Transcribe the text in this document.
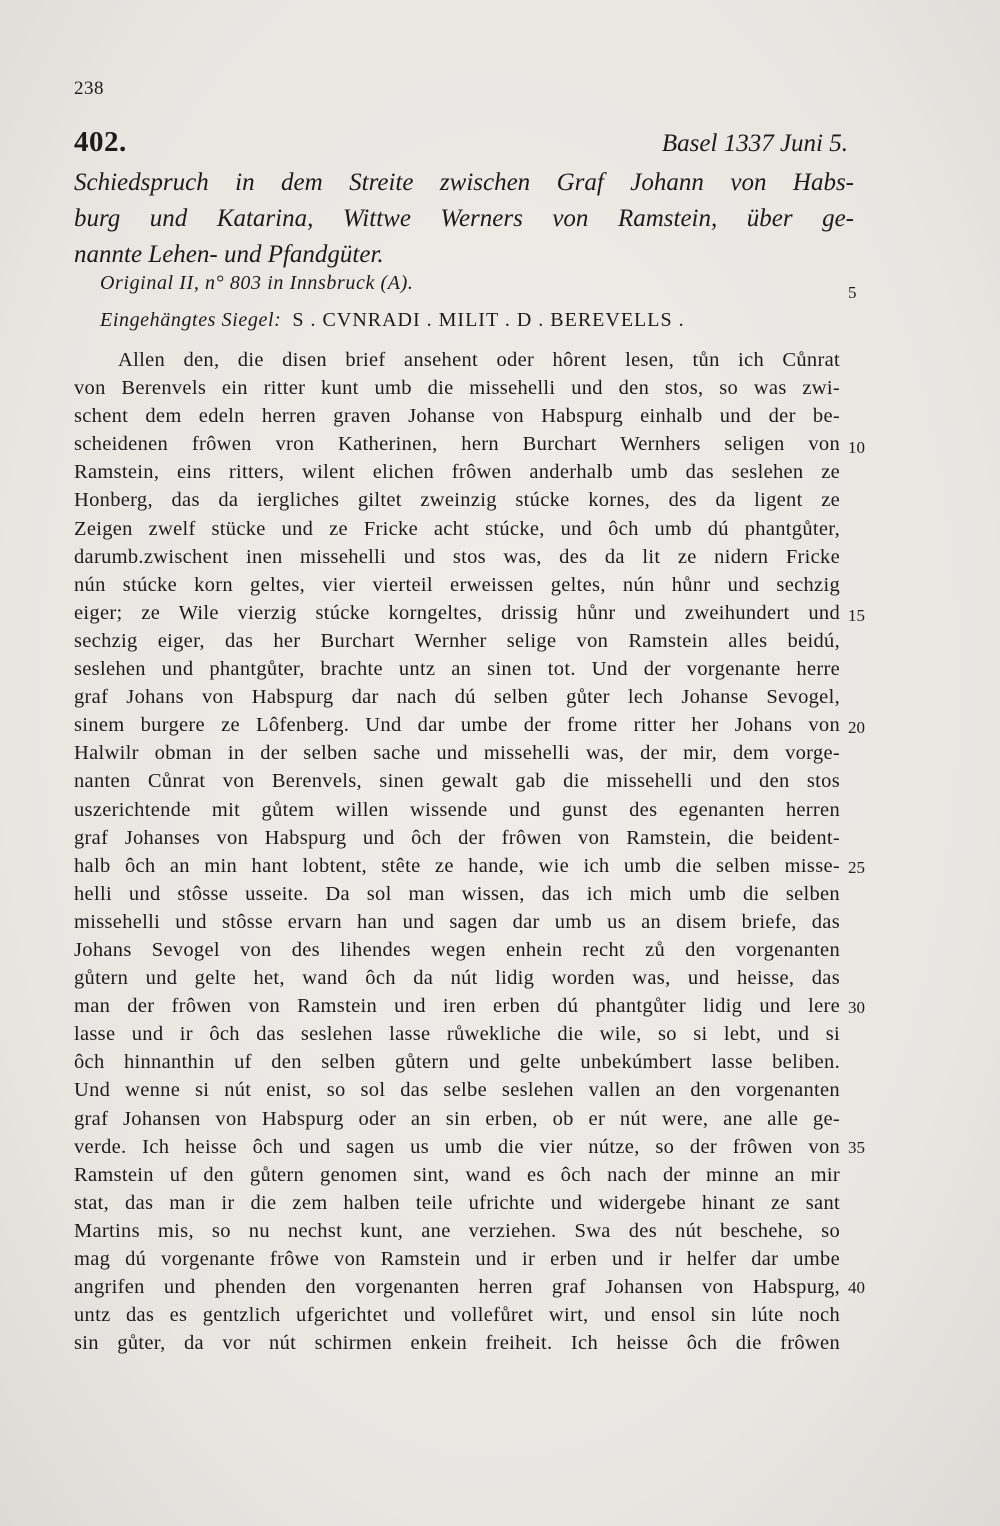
238
402.	Basel 1337 Juni 5.
Schiedspruch in dem Streite zwischen Graf Johann von Habs-
burg und Katarina, Wittwe Werners von Ramstein, über ge-
nannte Lehen- und Pfandgüter.
Original II, n° 803 in Innsbruck (A).
Eingehängtes Siegel: S . CVNRADI . MILIT . D . BEREVELLS .
5
Allen den, die disen brief ansehent oder hôrent lesen, tůn ich Cůnrat
von Berenvels ein ritter kunt umb die missehelli und den stos, so was zwi-
schent dem edeln herren graven Johanse von Habspurg einhalb und der be-
scheidenen frôwen vron Katherinen, hern Burchart Wernhers seligen von
Ramstein, eins ritters, wilent elichen frôwen anderhalb umb das seslehen ze
Honberg, das da iergliches giltet zweinzig stúcke kornes, des da ligent ze
Zeigen zwelf stücke und ze Fricke acht stúcke, und ôch umb dú phantgůter,
darumb.zwischent inen missehelli und stos was, des da lit ze nidern Fricke
nún stúcke korn geltes, vier vierteil erweissen geltes, nún hůnr und sechzig
eiger; ze Wile vierzig stúcke korngeltes, drissig hůnr und zweihundert und
sechzig eiger, das her Burchart Wernher selige von Ramstein alles beidú,
seslehen und phantgůter, brachte untz an sinen tot. Und der vorgenante herre
graf Johans von Habspurg dar nach dú selben gůter lech Johanse Sevogel,
sinem burgere ze Lôfenberg. Und dar umbe der frome ritter her Johans von
Halwilr obman in der selben sache und missehelli was, der mir, dem vorge-
nanten Cůnrat von Berenvels, sinen gewalt gab die missehelli und den stos
uszerichtende mit gůtem willen wissende und gunst des egenanten herren
graf Johanses von Habspurg und ôch der frôwen von Ramstein, die beident-
halb ôch an min hant lobtent, stête ze hande, wie ich umb die selben misse-
helli und stôsse usseite. Da sol man wissen, das ich mich umb die selben
missehelli und stôsse ervarn han und sagen dar umb us an disem briefe, das
Johans Sevogel von des lihendes wegen enhein recht zů den vorgenanten
gůtern und gelte het, wand ôch da nút lidig worden was, und heisse, das
man der frôwen von Ramstein und iren erben dú phantgůter lidig und lere
lasse und ir ôch das seslehen lasse růwekliche die wile, so si lebt, und si
ôch hinnanthin uf den selben gůtern und gelte unbekúmbert lasse beliben.
Und wenne si nút enist, so sol das selbe seslehen vallen an den vorgenanten
graf Johansen von Habspurg oder an sin erben, ob er nút were, ane alle ge-
verde. Ich heisse ôch und sagen us umb die vier nútze, so der frôwen von
Ramstein uf den gůtern genomen sint, wand es ôch nach der minne an mir
stat, das man ir die zem halben teile ufrichte und widergebe hinant ze sant
Martins mis, so nu nechst kunt, ane verziehen. Swa des nút beschehe, so
mag dú vorgenante frôwe von Ramstein und ir erben und ir helfer dar umbe
angrifen und phenden den vorgenanten herren graf Johansen von Habspurg,
untz das es gentzlich ufgerichtet und vollefůret wirt, und ensol sin lúte noch
sin gůter, da vor nút schirmen enkein freiheit. Ich heisse ôch die frôwen
10
15
20
25
30
35
40
